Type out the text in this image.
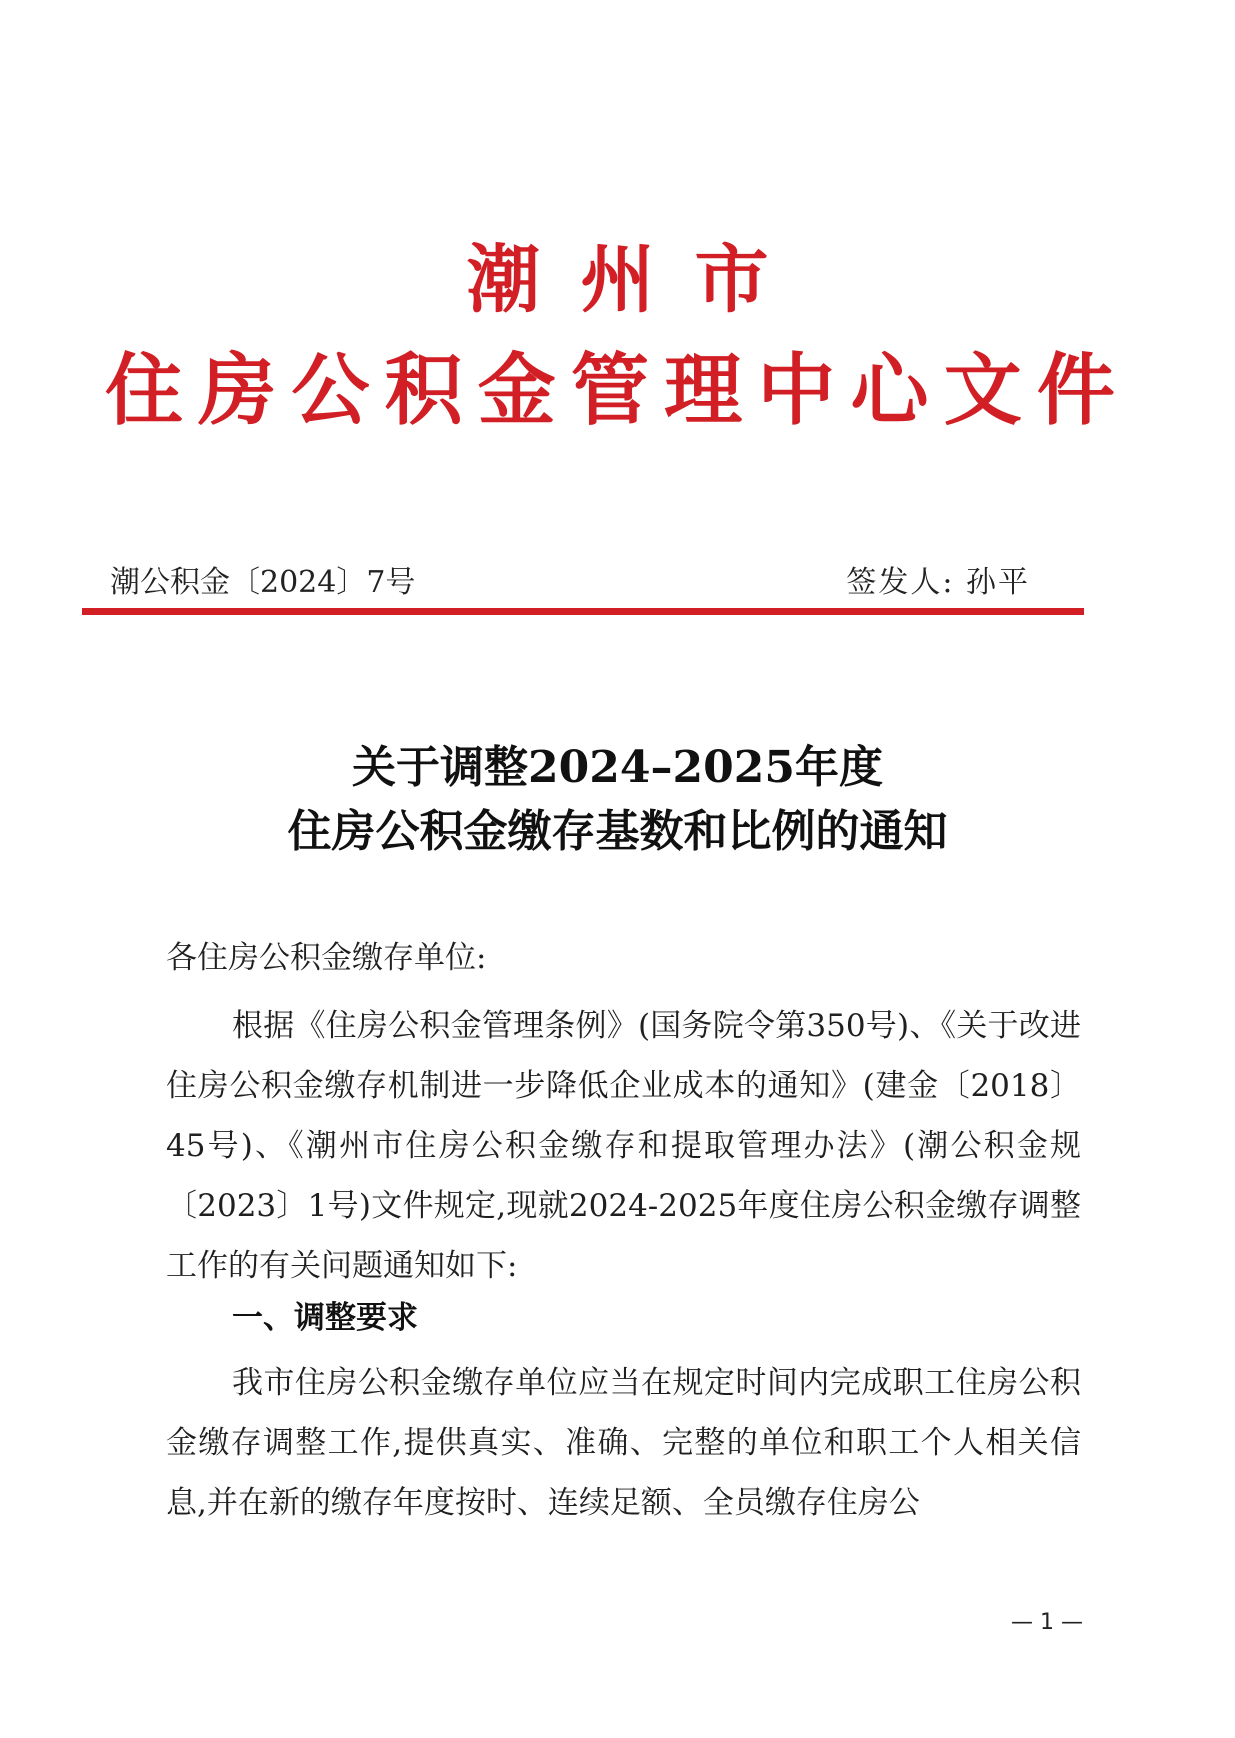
潮州市
住 房 公 积 金 管 理 中 心 文 件
潮公积金〔2024〕7号	签发人: 孙平
关于调整2024–2025年度
住房公积金缴存基数和比例的通知
各住房公积金缴存单位:
根据《住房公积金管理条例》(国务院令第350号)、《关于改进住房公积金缴存机制进一步降低企业成本的通知》(建金〔2018〕45号)、《潮州市住房公积金缴存和提取管理办法》(潮公积金规〔2023〕1号)文件规定,现就2024-2025年度住房公积金缴存调整工作的有关问题通知如下:
一、调整要求
我市住房公积金缴存单位应当在规定时间内完成职工住房公积金缴存调整工作,提供真实、准确、完整的单位和职工个人相关信息,并在新的缴存年度按时、连续足额、全员缴存住房公
— 1 —
